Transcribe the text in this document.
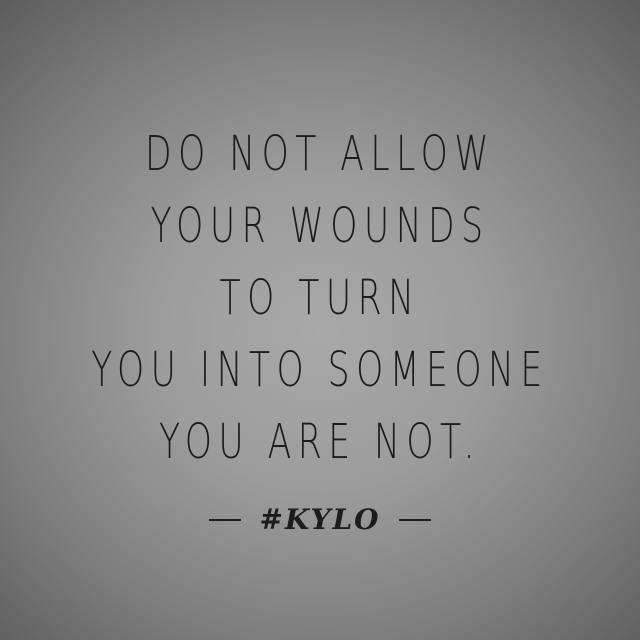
DO NOT ALLOW
YOUR WOUNDS
TO TURN
YOU INTO SOMEONE
YOU ARE NOT.
#KYLO
